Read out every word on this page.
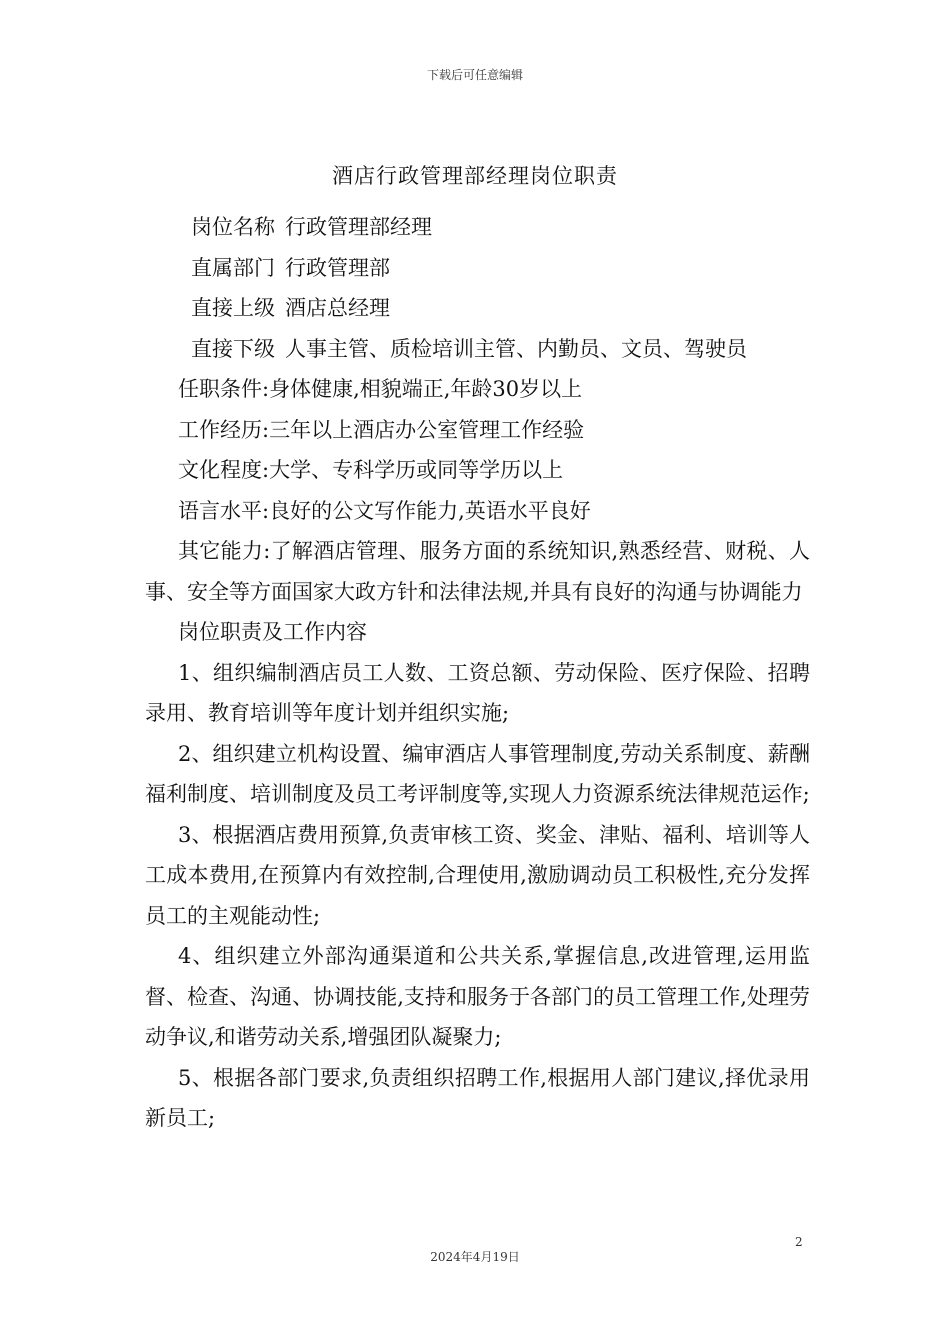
下载后可任意编辑
酒店行政管理部经理岗位职责

岗位名称 行政管理部经理

直属部门 行政管理部

直接上级 酒店总经理

直接下级 人事主管、质检培训主管、内勤员、文员、驾驶员

任职条件:身体健康,相貌端正,年龄30岁以上

工作经历:三年以上酒店办公室管理工作经验

文化程度:大学、专科学历或同等学历以上

语言水平:良好的公文写作能力,英语水平良好

其它能力:了解酒店管理、服务方面的系统知识,熟悉经营、财税、人事、安全等方面国家大政方针和法律法规,并具有良好的沟通与协调能力

岗位职责及工作内容

1、组织编制酒店员工人数、工资总额、劳动保险、医疗保险、招聘录用、教育培训等年度计划并组织实施;

2、组织建立机构设置、编审酒店人事管理制度,劳动关系制度、薪酬福利制度、培训制度及员工考评制度等,实现人力资源系统法律规范运作;

3、根据酒店费用预算,负责审核工资、奖金、津贴、福利、培训等人工成本费用,在预算内有效控制,合理使用,激励调动员工积极性,充分发挥员工的主观能动性;

4、组织建立外部沟通渠道和公共关系,掌握信息,改进管理,运用监督、检查、沟通、协调技能,支持和服务于各部门的员工管理工作,处理劳动争议,和谐劳动关系,增强团队凝聚力;

5、根据各部门要求,负责组织招聘工作,根据用人部门建议,择优录用新员工;

2
2024年4月19日
